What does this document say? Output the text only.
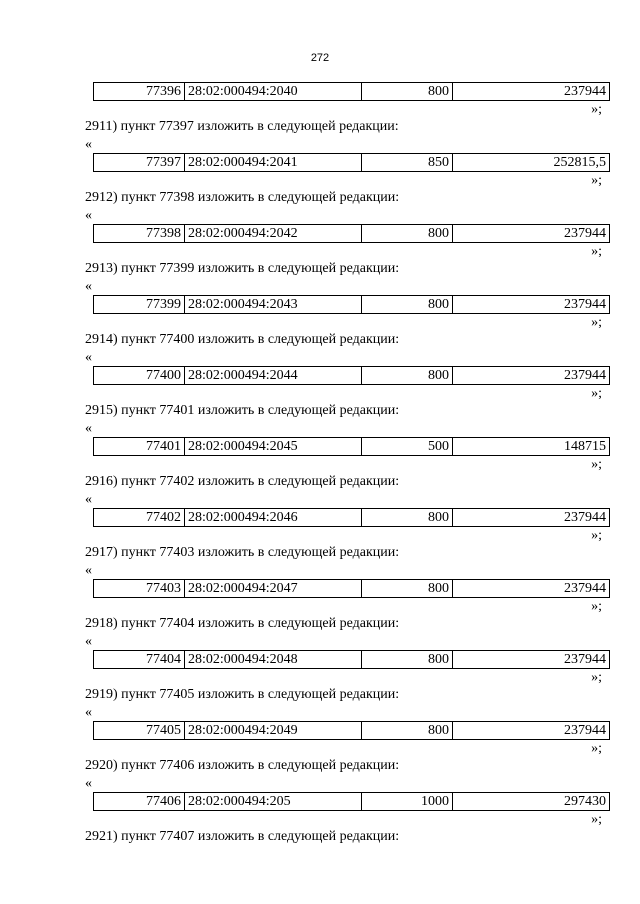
272
77396	28:02:000494:2040	800	237944
»;
2911) пункт 77397 изложить в следующей редакции:
«
77397	28:02:000494:2041	850	252815,5
»;
2912) пункт 77398 изложить в следующей редакции:
«
77398	28:02:000494:2042	800	237944
»;
2913) пункт 77399 изложить в следующей редакции:
«
77399	28:02:000494:2043	800	237944
»;
2914) пункт 77400 изложить в следующей редакции:
«
77400	28:02:000494:2044	800	237944
»;
2915) пункт 77401 изложить в следующей редакции:
«
77401	28:02:000494:2045	500	148715
»;
2916) пункт 77402 изложить в следующей редакции:
«
77402	28:02:000494:2046	800	237944
»;
2917) пункт 77403 изложить в следующей редакции:
«
77403	28:02:000494:2047	800	237944
»;
2918) пункт 77404 изложить в следующей редакции:
«
77404	28:02:000494:2048	800	237944
»;
2919) пункт 77405 изложить в следующей редакции:
«
77405	28:02:000494:2049	800	237944
»;
2920) пункт 77406 изложить в следующей редакции:
«
77406	28:02:000494:205	1000	297430
»;
2921) пункт 77407 изложить в следующей редакции:
